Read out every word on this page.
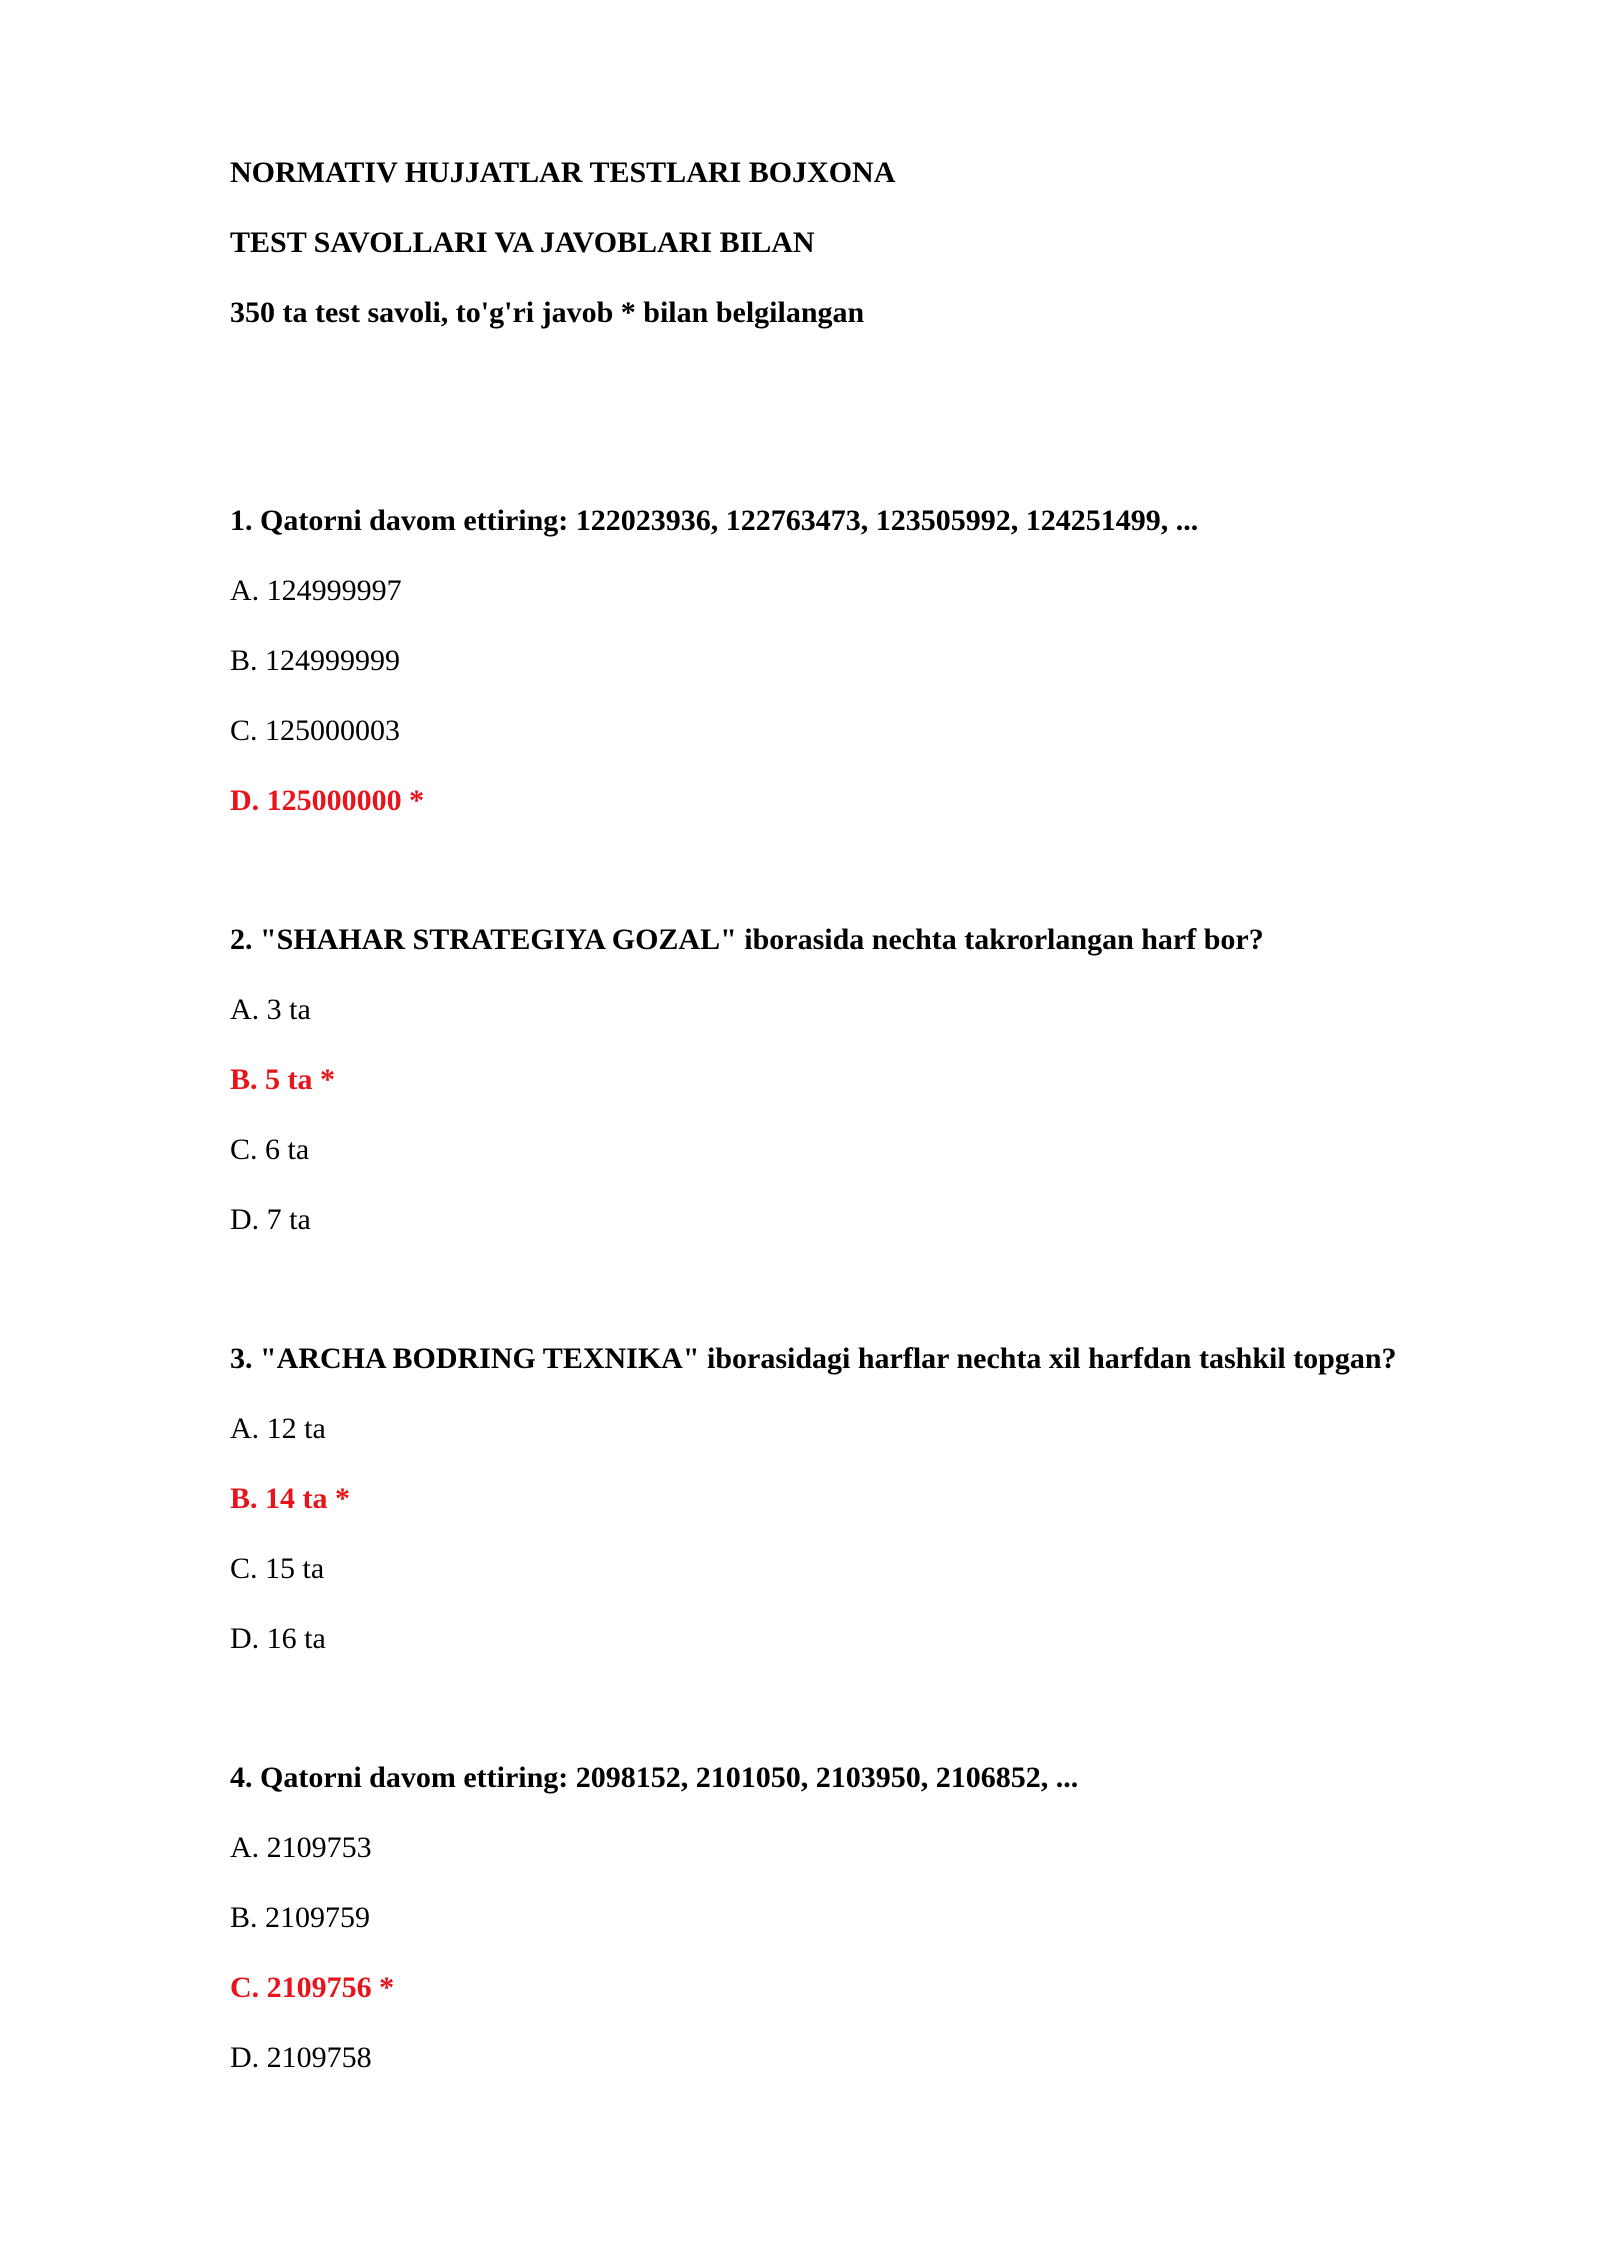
NORMATIV HUJJATLAR TESTLARI BOJXONA
TEST SAVOLLARI VA JAVOBLARI BILAN
350 ta test savoli, to'g'ri javob * bilan belgilangan
1. Qatorni davom ettiring: 122023936, 122763473, 123505992, 124251499, ...
A. 124999997
B. 124999999
C. 125000003
D. 125000000 *
2. "SHAHAR STRATEGIYA GOZAL" iborasida nechta takrorlangan harf bor?
A. 3 ta
B. 5 ta *
C. 6 ta
D. 7 ta
3. "ARCHA BODRING TEXNIKA" iborasidagi harflar nechta xil harfdan tashkil topgan?
A. 12 ta
B. 14 ta *
C. 15 ta
D. 16 ta
4. Qatorni davom ettiring: 2098152, 2101050, 2103950, 2106852, ...
A. 2109753
B. 2109759
C. 2109756 *
D. 2109758
